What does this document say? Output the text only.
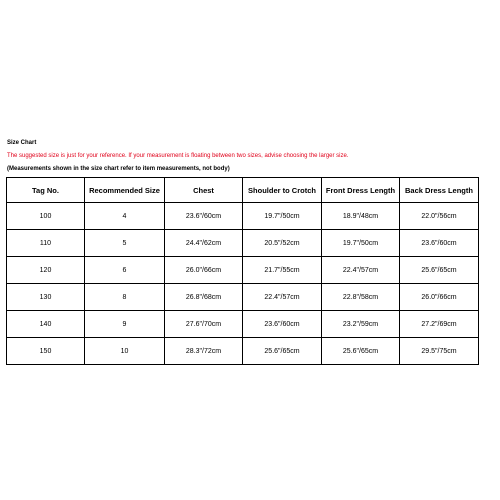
Size Chart
The suggested size is just for your reference. If your measurement is floating between two sizes, advise choosing the larger size.
(Measurements shown in the size chart refer to item measurements, not body)
Tag No.	Recommended Size	Chest	Shoulder to Crotch	Front Dress Length	Back Dress Length
100	4	23.6"/60cm	19.7"/50cm	18.9"/48cm	22.0"/56cm
110	5	24.4"/62cm	20.5"/52cm	19.7"/50cm	23.6"/60cm
120	6	26.0"/66cm	21.7"/55cm	22.4"/57cm	25.6"/65cm
130	8	26.8"/68cm	22.4"/57cm	22.8"/58cm	26.0"/66cm
140	9	27.6"/70cm	23.6"/60cm	23.2"/59cm	27.2"/69cm
150	10	28.3"/72cm	25.6"/65cm	25.6"/65cm	29.5"/75cm
